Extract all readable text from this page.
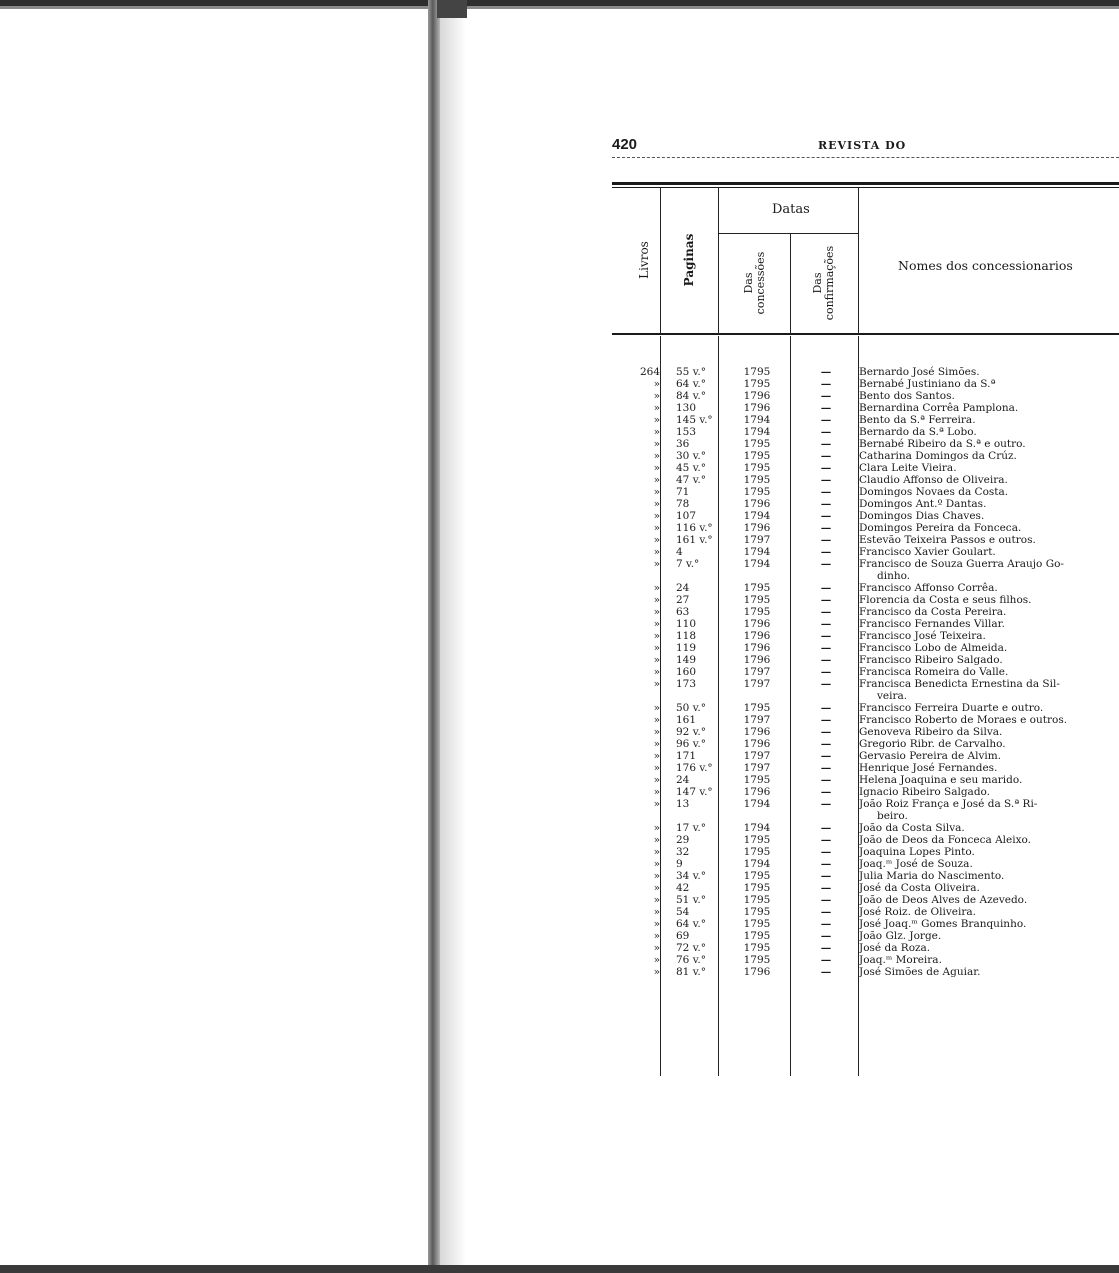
420	REVISTA DO
Livros	Paginas
Datas
Das concessões	Das confirmações	Nomes dos concessionarios
264	55 v.°	1795	—	Bernardo José Simões.
»	64 v.°	1795	—	Bernabé Justiniano da S.ª
»	84 v.°	1796	—	Bento dos Santos.
»	130	1796	—	Bernardina Corrêa Pamplona.
»	145 v.°	1794	—	Bento da S.ª Ferreira.
»	153	1794	—	Bernardo da S.ª Lobo.
»	36	1795	—	Bernabé Ribeiro da S.ª e outro.
»	30 v.°	1795	—	Catharina Domingos da Crúz.
»	45 v.°	1795	—	Clara Leite Vieira.
»	47 v.°	1795	—	Claudio Affonso de Oliveira.
»	71	1795	—	Domingos Novaes da Costa.
»	78	1796	—	Domingos Ant.º Dantas.
»	107	1794	—	Domingos Dias Chaves.
»	116 v.°	1796	—	Domingos Pereira da Fonceca.
»	161 v.°	1797	—	Estevão Teixeira Passos e outros.
»	4	1794	—	Francisco Xavier Goulart.
»	7 v.°	1794	—	Francisco de Souza Guerra Araujo Go-
dinho.
»	24	1795	—	Francisco Affonso Corrêa.
»	27	1795	—	Florencia da Costa e seus filhos.
»	63	1795	—	Francisco da Costa Pereira.
»	110	1796	—	Francisco Fernandes Villar.
»	118	1796	—	Francisco José Teixeira.
»	119	1796	—	Francisco Lobo de Almeida.
»	149	1796	—	Francisco Ribeiro Salgado.
»	160	1797	—	Francisca Romeira do Valle.
»	173	1797	—	Francisca Benedicta Ernestina da Sil-
veira.
»	50 v.°	1795	—	Francisco Ferreira Duarte e outro.
»	161	1797	—	Francisco Roberto de Moraes e outros.
»	92 v.°	1796	—	Genoveva Ribeiro da Silva.
»	96 v.°	1796	—	Gregorio Ribr. de Carvalho.
»	171	1797	—	Gervasio Pereira de Alvim.
»	176 v.°	1797	—	Henrique José Fernandes.
»	24	1795	—	Helena Joaquina e seu marido.
»	147 v.°	1796	—	Ignacio Ribeiro Salgado.
»	13	1794	—	João Roiz França e José da S.ª Ri-
beiro.
»	17 v.°	1794	—	João da Costa Silva.
»	29	1795	—	João de Deos da Fonceca Aleixo.
»	32	1795	—	Joaquina Lopes Pinto.
»	9	1794	—	Joaq.ᵐ José de Souza.
»	34 v.°	1795	—	Julia Maria do Nascimento.
»	42	1795	—	José da Costa Oliveira.
»	51 v.°	1795	—	João de Deos Alves de Azevedo.
»	54	1795	—	José Roiz. de Oliveira.
»	64 v.°	1795	—	José Joaq.ᵐ Gomes Branquinho.
»	69	1795	—	João Glz. Jorge.
»	72 v.°	1795	—	José da Roza.
»	76 v.°	1795	—	Joaq.ᵐ Moreira.
»	81 v.°	1796	—	José Simões de Aguiar.
